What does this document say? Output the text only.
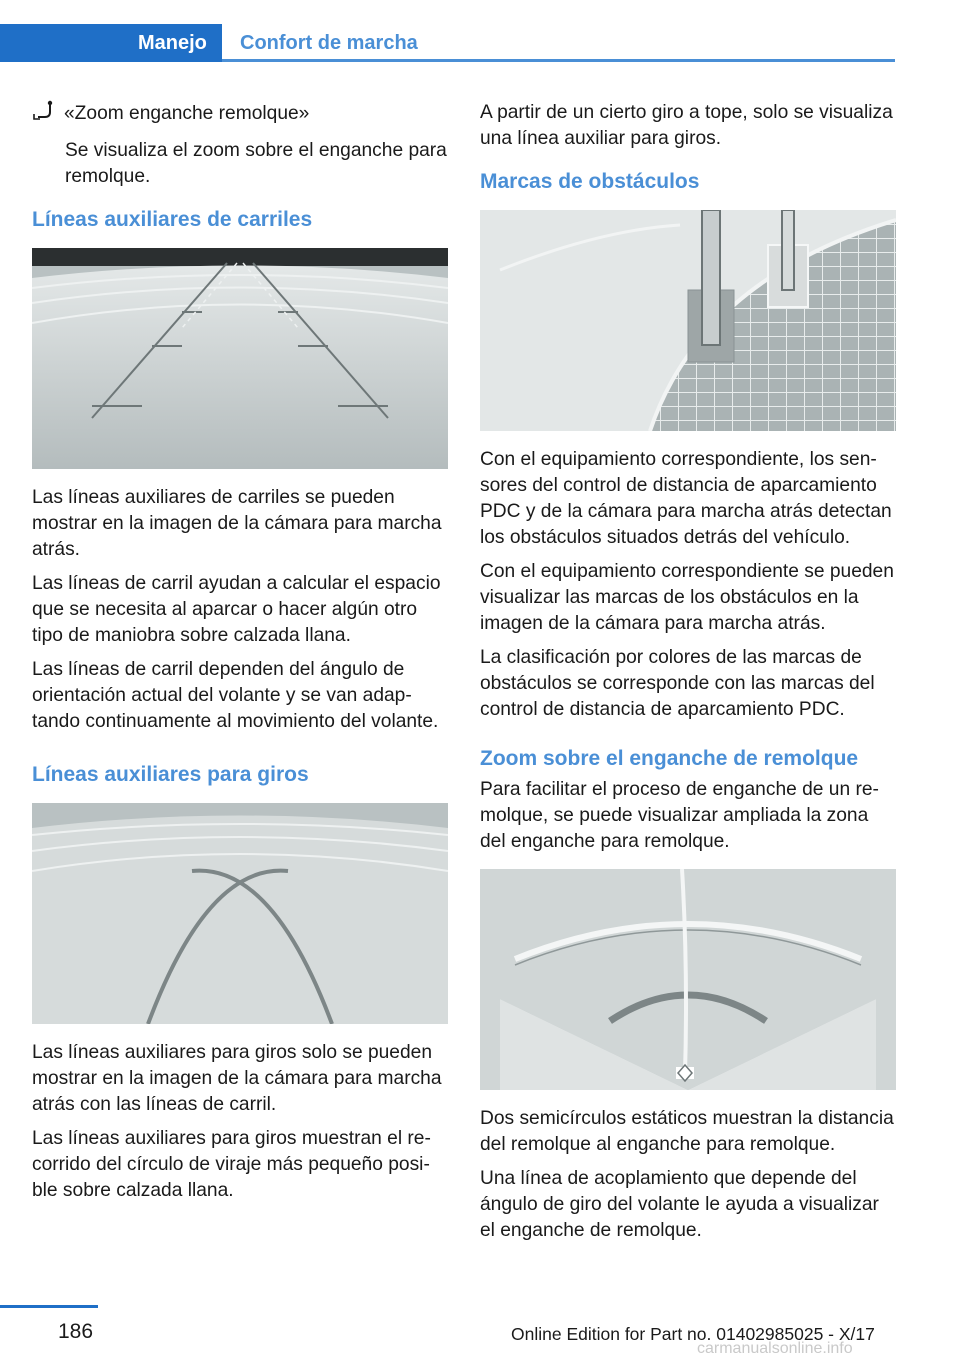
Manejo	Confort de marcha

«Zoom enganche remolque»

Se visualiza el zoom sobre el enganche para remolque.

Líneas auxiliares de carriles

Las líneas auxiliares de carriles se pueden mostrar en la imagen de la cámara para marcha atrás.

Las líneas de carril ayudan a calcular el espacio que se necesita al aparcar o hacer algún otro tipo de maniobra sobre calzada llana.

Las líneas de carril dependen del ángulo de orientación actual del volante y se van adaptando continuamente al movimiento del volante.

Líneas auxiliares para giros

Las líneas auxiliares para giros solo se pueden mostrar en la imagen de la cámara para marcha atrás con las líneas de carril.

Las líneas auxiliares para giros muestran el recorrido del círculo de viraje más pequeño posible sobre calzada llana.

A partir de un cierto giro a tope, solo se visualiza una línea auxiliar para giros.

Marcas de obstáculos

Con el equipamiento correspondiente, los sensores del control de distancia de aparcamiento PDC y de la cámara para marcha atrás detectan los obstáculos situados detrás del vehículo.

Con el equipamiento correspondiente se pueden visualizar las marcas de los obstáculos en la imagen de la cámara para marcha atrás.

La clasificación por colores de las marcas de obstáculos se corresponde con las marcas del control de distancia de aparcamiento PDC.

Zoom sobre el enganche de remolque

Para facilitar el proceso de enganche de un remolque, se puede visualizar ampliada la zona del enganche para remolque.

Dos semicírculos estáticos muestran la distancia del remolque al enganche para remolque.

Una línea de acoplamiento que depende del ángulo de giro del volante le ayuda a visualizar el enganche de remolque.

186	Online Edition for Part no. 01402985025 - X/17
carmanualsonline.info
